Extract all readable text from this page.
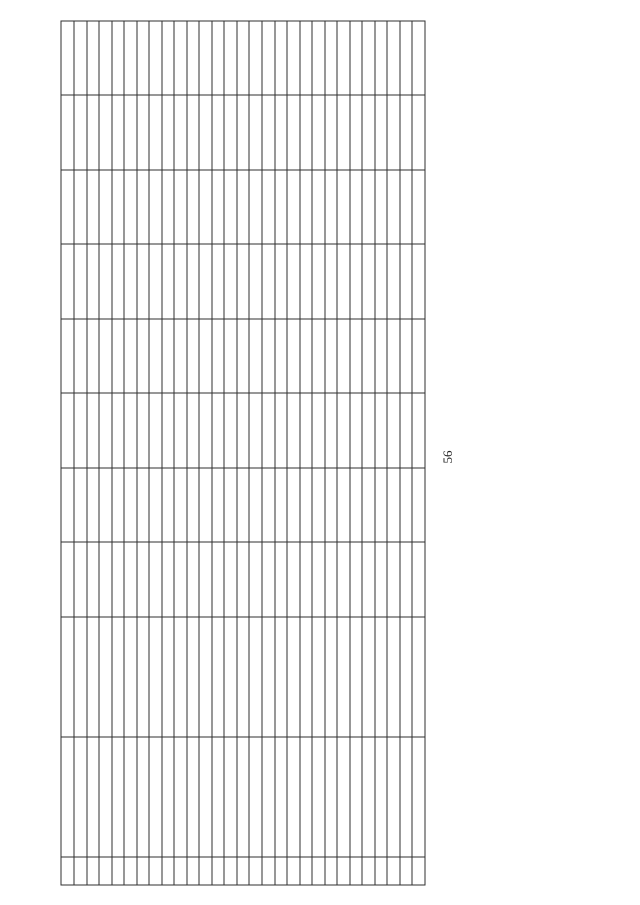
56
